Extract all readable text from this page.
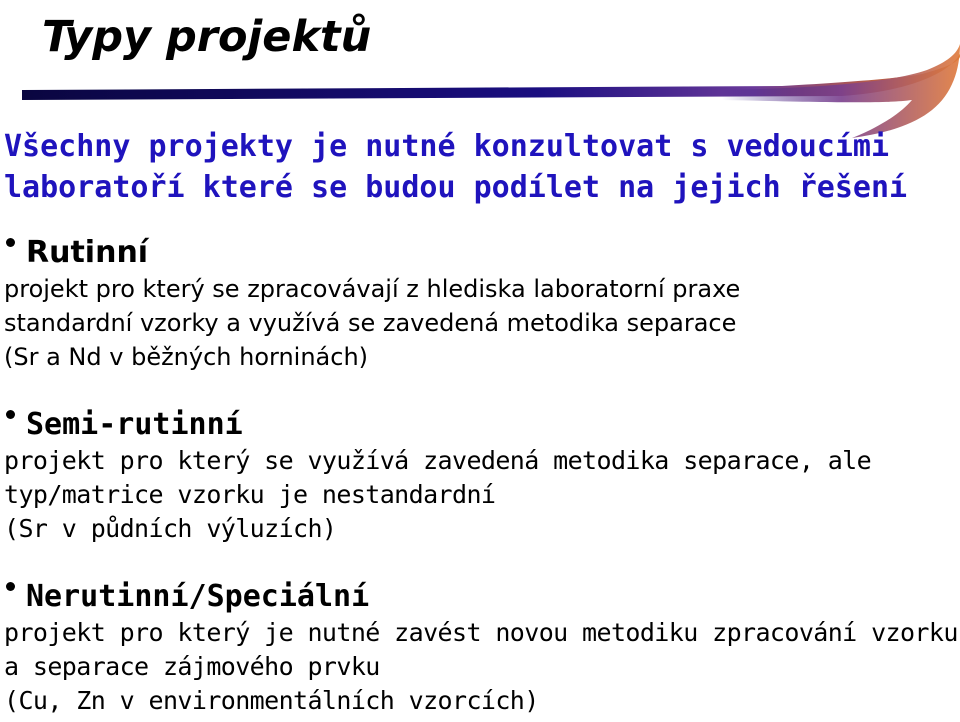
Typy projektů
Všechny projekty je nutné konzultovat s vedoucími
laboratoří které se budou podílet na jejich řešení
Rutinní
projekt pro který se zpracovávají z hlediska laboratorní praxe
standardní vzorky a využívá se zavedená metodika separace
(Sr a Nd v běžných horninách)
Semi-rutinní
projekt pro který se využívá zavedená metodika separace, ale
typ/matrice vzorku je nestandardní
(Sr v půdních výluzích)
Nerutinní/Speciální
projekt pro který je nutné zavést novou metodiku zpracování vzorku
a separace zájmového prvku
(Cu, Zn v environmentálních vzorcích)
